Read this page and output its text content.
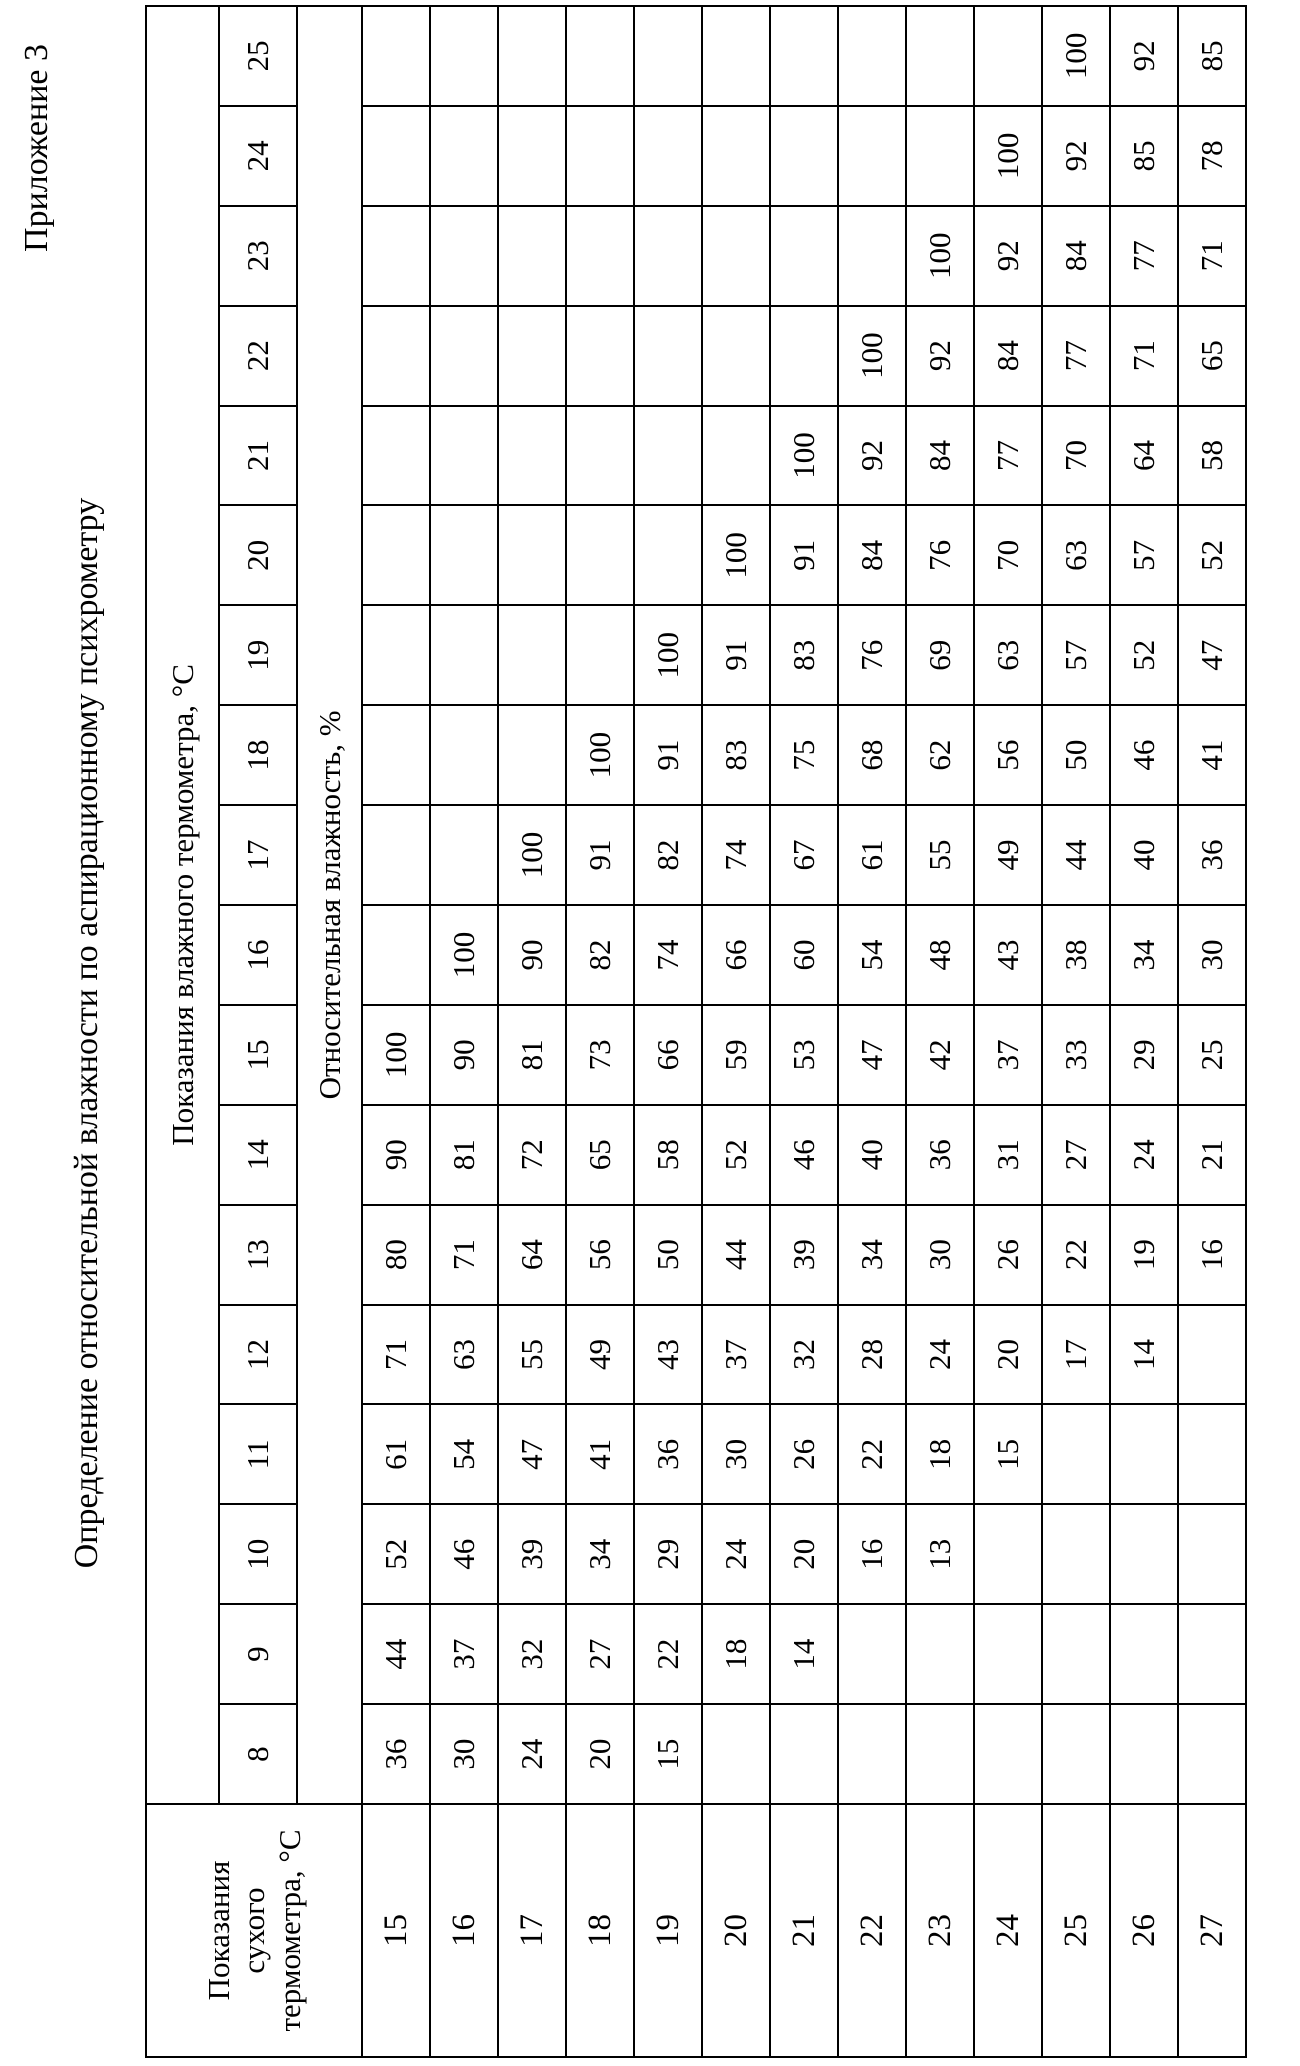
Приложение 3
Определение относительной влажности по аспирационному психрометру
Показания сухого термометра, °С	Показания влажного термометра, °С																	
	8	9	10	11	12	13	14	15	16	17	18	19	20	21	22	23	24	25
	Относительная влажность, %																	
15	36	44	52	61	71	80	90	100										
16	30	37	46	54	63	71	81	90	100									
17	24	32	39	47	55	64	72	81	90	100								
18	20	27	34	41	49	56	65	73	82	91	100							
19	15	22	29	36	43	50	58	66	74	82	91	100						
20		18	24	30	37	44	52	59	66	74	83	91	100					
21		14	20	26	32	39	46	53	60	67	75	83	91	100				
22			16	22	28	34	40	47	54	61	68	76	84	92	100			
23			13	18	24	30	36	42	48	55	62	69	76	84	92	100		
24				15	20	26	31	37	43	49	56	63	70	77	84	92	100	
25					17	22	27	33	38	44	50	57	63	70	77	84	92	100
26					14	19	24	29	34	40	46	52	57	64	71	77	85	92
27						16	21	25	30	36	41	47	52	58	65	71	78	85
